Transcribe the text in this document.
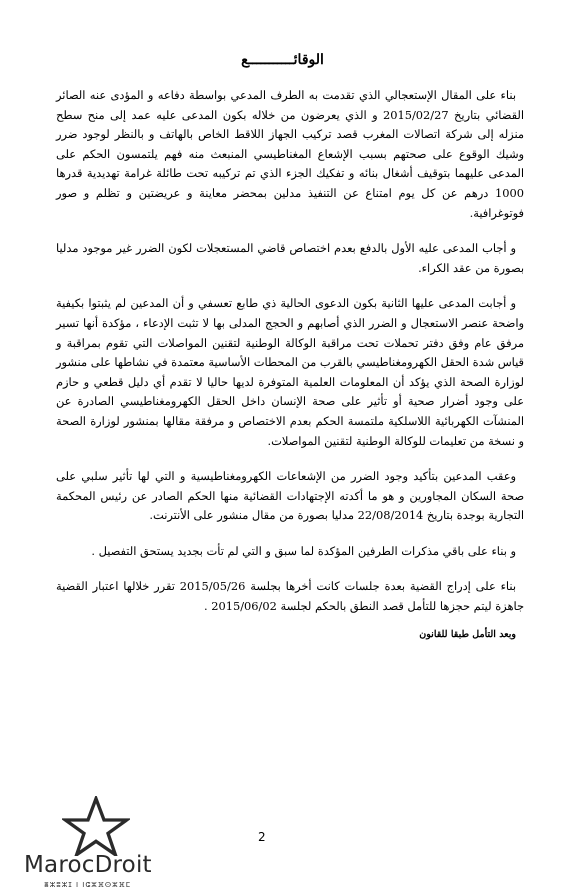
الوقائـــــــــــع

بناء على المقال الإستعجالي الذي تقدمت به الطرف المدعي بواسطة دفاعه و المؤدى عنه الصائر القضائي بتاريخ 2015/02/27 و الذي يعرضون من خلاله بكون المدعى عليه عمد إلى منح سطح منزله إلى شركة اتصالات المغرب قصد تركيب الجهاز اللاقط الخاص بالهاتف و بالنظر لوجود ضرر وشيك الوقوع على صحتهم بسبب الإشعاع المغناطيسي المنبعث منه فهم يلتمسون الحكم على المدعى عليهما بتوقيف أشغال بنائه و تفكيك الجزء الذي تم تركيبه تحت طائلة غرامة تهديدية قدرها 1000 درهم عن كل يوم امتناع عن التنفيذ مدلين بمحضر معاينة و عريضتين و تظلم و صور فوتوغرافية.

و أجاب المدعى عليه الأول بالدفع بعدم اختصاص قاضي المستعجلات لكون الضرر غير موجود مدليا بصورة من عقد الكراء.

و أجابت المدعى عليها الثانية بكون الدعوى الحالية ذي طابع تعسفي و أن المدعين لم يثبتوا بكيفية واضحة عنصر الاستعجال و الضرر الذي أصابهم و الحجج المدلى بها لا تثبت الإدعاء ، مؤكدة أنها تسير مرفق عام وفق دفتر تحملات تحت مراقبة الوكالة الوطنية لتقنين المواصلات التي تقوم بمراقبة و قياس شدة الحقل الكهرومغناطيسي بالقرب من المحطات الأساسية معتمدة في نشاطها على منشور لوزارة الصحة الذي يؤكد أن المعلومات العلمية المتوفرة لديها حاليا لا تقدم أي دليل قطعي و حازم على وجود أضرار صحية أو تأثير على صحة الإنسان داخل الحقل الكهرومغناطيسي الصادرة عن المنشآت الكهربائية اللاسلكية ملتمسة الحكم بعدم الاختصاص و مرفقة مقالها بمنشور لوزارة الصحة و نسخة من تعليمات للوكالة الوطنية لتقنين المواصلات.

وعقب المدعين بتأكيد وجود الضرر من الإشعاعات الكهرومغناطيسية و التي لها تأثير سلبي على صحة السكان المجاورين و هو ما أكدته الإجتهادات القضائية منها الحكم الصادر عن رئيس المحكمة التجارية بوجدة بتاريخ 22/08/2014 مدليا بصورة من مقال منشور على الأنترنت.

و بناء على باقي مذكرات الطرفين المؤكدة لما سبق و التي لم تأت بجديد يستحق التفصيل .

بناء على إدراج القضية بعدة جلسات كانت أخرها بجلسة 2015/05/26 تقرر خلالها اعتبار القضية جاهزة ليتم حجزها للتأمل قصد النطق بالحكم لجلسة 2015/06/02 .

وبعد التأمل طبقا للقانون

2
MarocDroit
ⴻⵣⵓⵣⵊ I ⵏⵛⵣⴼⵙⵣⴼⵎ
